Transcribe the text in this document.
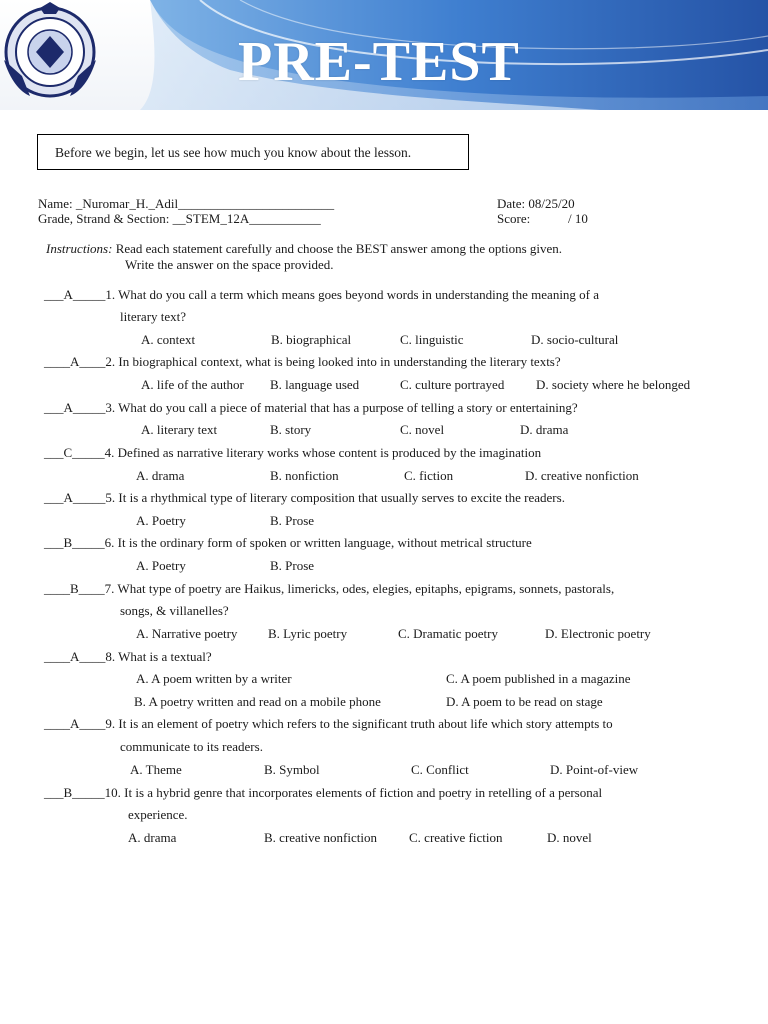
PRE-TEST
Before we begin, let us see how much you know about the lesson.
Name: _Nuromar_H._Adil________________________
Grade, Strand & Section: __STEM_12A___________
Date: 08/25/20
Score:	/ 10
Instructions: Read each statement carefully and choose the BEST answer among the options given.
Write the answer on the space provided.
___A_____1. What do you call a term which means goes beyond words in understanding the meaning of a
literary text?
A. context	B. biographical	C. linguistic	D. socio-cultural
____A____2. In biographical context, what is being looked into in understanding the literary texts?
A. life of the author B. language used	C. culture portrayed D. society where he belonged
___A_____3. What do you call a piece of material that has a purpose of telling a story or entertaining?
A. literary text	B. story	C. novel	D. drama
___C_____4. Defined as narrative literary works whose content is produced by the imagination
A. drama	B. nonfiction	C. fiction	D. creative nonfiction
___A_____5. It is a rhythmical type of literary composition that usually serves to excite the readers.
A. Poetry	B. Prose
___B_____6. It is the ordinary form of spoken or written language, without metrical structure
A. Poetry	B. Prose
____B____7. What type of poetry are Haikus, limericks, odes, elegies, epitaphs, epigrams, sonnets, pastorals,
songs, & villanelles?
A. Narrative poetry B. Lyric poetry	C. Dramatic poetry	D. Electronic poetry
____A____8. What is a textual?
A. A poem written by a writer	C. A poem published in a magazine
B. A poetry written and read on a mobile phone	D. A poem to be read on stage
____A____9. It is an element of poetry which refers to the significant truth about life which story attempts to
communicate to its readers.
A. Theme	B. Symbol	C. Conflict	D. Point-of-view
___B_____10. It is a hybrid genre that incorporates elements of fiction and poetry in retelling of a personal
experience.
A. drama	B. creative nonfiction C. creative fiction	D. novel
